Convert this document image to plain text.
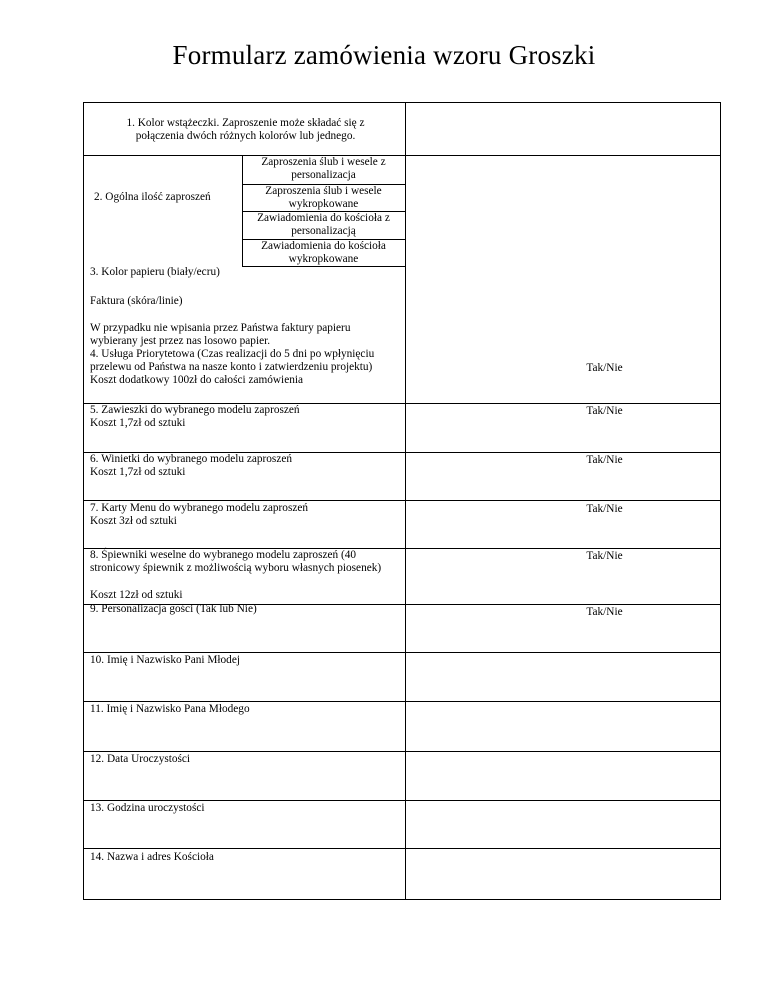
Formularz zamówienia wzoru Groszki
1. Kolor wstążeczki. Zaproszenie może składać się z połączenia dwóch różnych kolorów lub jednego.
2. Ogólna ilość zaproszeń
Zaproszenia ślub i wesele z personalizacja
Zaproszenia ślub i wesele wykropkowane
Zawiadomienia do kościoła z personalizacją
Zawiadomienia do kościoła wykropkowane
3. Kolor papieru (biały/ecru)
Faktura (skóra/linie)
W przypadku nie wpisania przez Państwa faktury papieru wybierany jest przez nas losowo papier.
4. Usługa Priorytetowa (Czas realizacji do 5 dni po wpłynięciu przelewu od Państwa na nasze konto i zatwierdzeniu projektu) Koszt dodatkowy 100zł do całości zamówienia
Tak/Nie
5. Zawieszki do wybranego modelu zaproszeń
Koszt 1,7zł od sztuki
Tak/Nie
6. Winietki do wybranego modelu zaproszeń
Koszt 1,7zł od sztuki
Tak/Nie
7. Karty Menu do wybranego modelu zaproszeń
Koszt 3zł od sztuki
Tak/Nie
8. Śpiewniki weselne do wybranego modelu zaproszeń (40 stronicowy śpiewnik z możliwością wyboru własnych piosenek)
Koszt 12zł od sztuki
Tak/Nie
9. Personalizacja gości (Tak lub Nie)	Tak/Nie
10. Imię i Nazwisko Pani Młodej
11. Imię i Nazwisko Pana Młodego
12. Data Uroczystości
13. Godzina uroczystości
14. Nazwa i adres Kościoła
